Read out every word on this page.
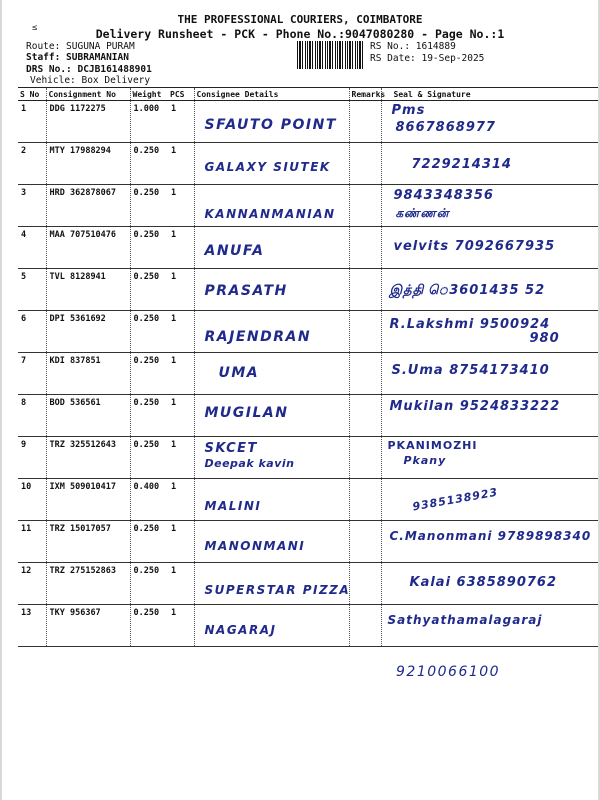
THE PROFESSIONAL COURIERS, COIMBATORE
≤	Delivery Runsheet - PCK - Phone No.:9047080280 - Page No.:1
Route: SUGUNA PURAM
Staff: SUBRAMANIAN
DRS No.: DCJB161488901
Vehicle: Box Delivery
RS No.: 1614889
RS Date: 19-Sep-2025
S No	Consignment No	Weight	PCS	Consignee Details	Remarks	Seal & Signature
1	DDG 1172275	1.000	1	SFAUTO POINT		Pms
8667868977

2	MTY 17988294	0.250	1	GALAXY SIUTEK		7229214314

3	HRD 362878067	0.250	1	KANNANMANIAN		9843348356
கண்ணன்

4	MAA 707510476	0.250	1	ANUFA		velvits 7092667935

5	TVL 8128941	0.250	1	PRASATH		இத்தி ெ3601435 52

6	DPI 5361692	0.250	1	RAJENDRAN		R.Lakshmi 9500924
980

7	KDI 837851	0.250	1	UMA		S.Uma 8754173410

8	BOD 536561	0.250	1	MUGILAN		Mukilan 9524833222

9	TRZ 325512643	0.250	1	SKCET
Deepak kavin		PKANIMOZHI
Pkany

10	IXM 509010417	0.400	1	MALINI		9385138923

11	TRZ 15017057	0.250	1	MANONMANI		C.Manonmani 9789898340

12	TRZ 275152863	0.250	1	SUPERSTAR PIZZA		Kalai 6385890762

13	TKY 956367	0.250	1	NAGARAJ		Sathyathamalagaraj
9210066100
